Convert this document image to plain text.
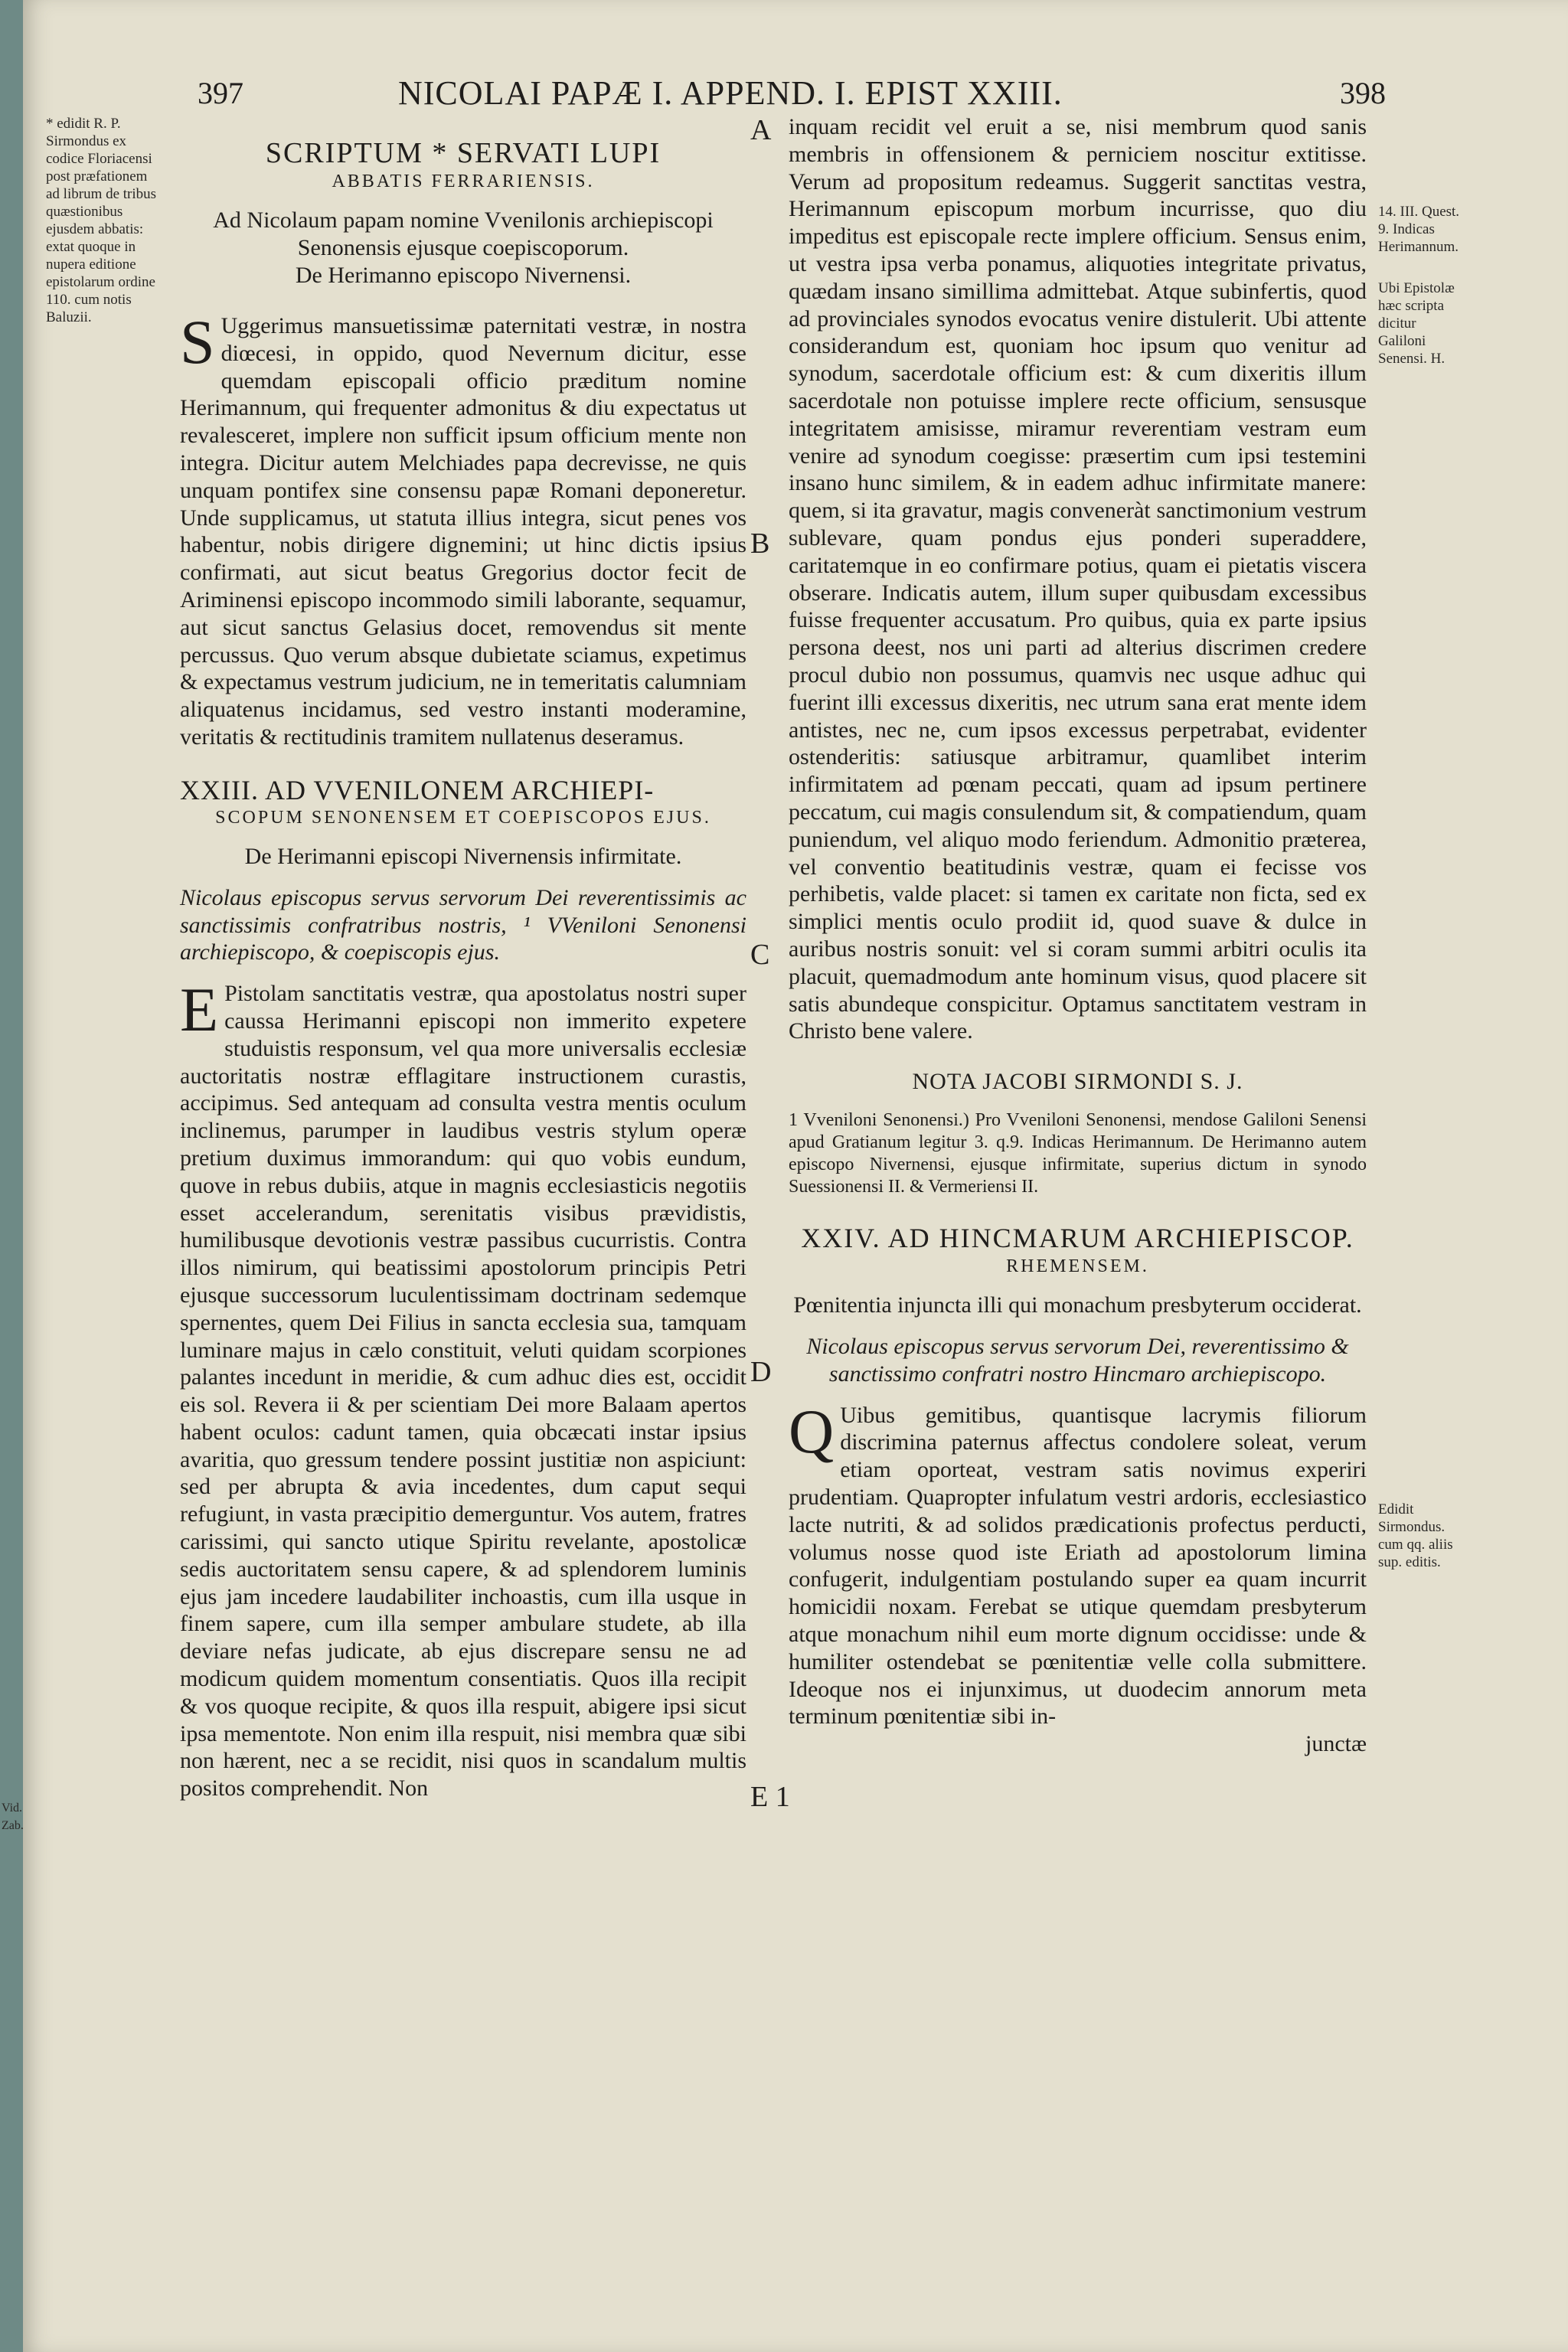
397	NICOLAI PAPÆ I. APPEND. I. EPIST XXIII.	398
* edidit R. P. Sirmondus ex codice Floriacensi post præfationem ad librum de tribus quæstionibus ejusdem abbatis: extat quoque in nupera editione epistolarum ordine 110. cum notis Baluzii.
Vid. Zab.
14. III. Quest. 9. Indicas Herimannum.
Ubi Epistolæ hæc scripta dicitur Galiloni Senensi. H.
Edidit Sirmondus. cum qq. aliis sup. editis.
A
B
C
D
E 1
SCRIPTUM * SERVATI LUPI
ABBATIS FERRARIENSIS.
Ad Nicolaum papam nomine Vvenilonis archiepiscopi Senonensis ejusque coepiscoporum.
De Herimanno episcopo Nivernensi.

S Uggerimus mansuetissimæ paternitati vestræ, in nostra diœcesi, in oppido, quod Nevernum dicitur, esse quemdam episcopali officio præditum nomine Herimannum, qui frequenter admonitus & diu expectatus ut revalesceret, implere non sufficit ipsum officium mente non integra. Dicitur autem Melchiades papa decrevisse, ne quis unquam pontifex sine consensu papæ Romani deponeretur. Unde supplicamus, ut statuta illius integra, sicut penes vos habentur, nobis dirigere dignemini; ut hinc dictis ipsius confirmati, aut sicut beatus Gregorius doctor fecit de Ariminensi episcopo incommodo simili laborante, sequamur, aut sicut sanctus Gelasius docet, removendus sit mente percussus. Quo verum absque dubietate sciamus, expetimus & expectamus vestrum judicium, ne in temeritatis calumniam aliquatenus incidamus, sed vestro instanti moderamine, veritatis & rectitudinis tramitem nullatenus deseramus.

XXIII. AD VVENILONEM ARCHIEPI-
SCOPUM SENONENSEM ET COEPISCOPOS EJUS.
De Herimanni episcopi Nivernensis infirmitate.

Nicolaus episcopus servus servorum Dei reverentissimis ac sanctissimis confratribus nostris, ¹ VVeniloni Senonensi archiepiscopo, & coepiscopis ejus.

E Pistolam sanctitatis vestræ, qua apostolatus nostri super caussa Herimanni episcopi non immerito expetere studuistis responsum, vel qua more universalis ecclesiæ auctoritatis nostræ efflagitare instructionem curastis, accipimus. Sed antequam ad consulta vestra mentis oculum inclinemus, parumper in laudibus vestris stylum operæ pretium duximus immorandum: qui quo vobis eundum, quove in rebus dubiis, atque in magnis ecclesiasticis negotiis esset accelerandum, serenitatis visibus prævidistis, humilibusque devotionis vestræ passibus cucurristis. Contra illos nimirum, qui beatissimi apostolorum principis Petri ejusque successorum luculentissimam doctrinam sedemque spernentes, quem Dei Filius in sancta ecclesia sua, tamquam luminare majus in cælo constituit, veluti quidam scorpiones palantes incedunt in meridie, & cum adhuc dies est, occidit eis sol. Revera ii & per scientiam Dei more Balaam apertos habent oculos: cadunt tamen, quia obcæcati instar ipsius avaritia, quo gressum tendere possint justitiæ non aspiciunt: sed per abrupta & avia incedentes, dum caput sequi refugiunt, in vasta præcipitio demerguntur. Vos autem, fratres carissimi, qui sancto utique Spiritu revelante, apostolicæ sedis auctoritatem sensu capere, & ad splendorem luminis ejus jam incedere laudabiliter inchoastis, cum illa usque in finem sapere, cum illa semper ambulare studete, ab illa deviare nefas judicate, ab ejus discrepare sensu ne ad modicum quidem momentum consentiatis. Quos illa recipit & vos quoque recipite, & quos illa respuit, abigere ipsi sicut ipsa mementote. Non enim illa respuit, nisi membra quæ sibi non hærent, nec a se recidit, nisi quos in scandalum multis positos comprehendit. Non

inquam recidit vel eruit a se, nisi membrum quod sanis membris in offensionem & perniciem noscitur extitisse. Verum ad propositum redeamus. Suggerit sanctitas vestra, Herimannum episcopum morbum incurrisse, quo diu impeditus est episcopale recte implere officium. Sensus enim, ut vestra ipsa verba ponamus, aliquoties integritate privatus, quædam insano simillima admittebat. Atque subinfertis, quod ad provinciales synodos evocatus venire distulerit. Ubi attente considerandum est, quoniam hoc ipsum quo venitur ad synodum, sacerdotale officium est: & cum dixeritis illum sacerdotale non potuisse implere recte officium, sensusque integritatem amisisse, miramur reverentiam vestram eum venire ad synodum coegisse: præsertim cum ipsi testemini insano hunc similem, & in eadem adhuc infirmitate manere: quem, si ita gravatur, magis conveneràt sanctimonium vestrum sublevare, quam pondus ejus ponderi superaddere, caritatemque in eo confirmare potius, quam ei pietatis viscera obserare. Indicatis autem, illum super quibusdam excessibus fuisse frequenter accusatum. Pro quibus, quia ex parte ipsius persona deest, nos uni parti ad alterius discrimen credere procul dubio non possumus, quamvis nec usque adhuc qui fuerint illi excessus dixeritis, nec utrum sana erat mente idem antistes, nec ne, cum ipsos excessus perpetrabat, evidenter ostenderitis: satiusque arbitramur, quamlibet interim infirmitatem ad pœnam peccati, quam ad ipsum pertinere peccatum, cui magis consulendum sit, & compatiendum, quam puniendum, vel aliquo modo feriendum. Admonitio præterea, vel conventio beatitudinis vestræ, quam ei fecisse vos perhibetis, valde placet: si tamen ex caritate non ficta, sed ex simplici mentis oculo prodiit id, quod suave & dulce in auribus nostris sonuit: vel si coram summi arbitri oculis ita placuit, quemadmodum ante hominum visus, quod placere sit satis abundeque conspicitur. Optamus sanctitatem vestram in Christo bene valere.

NOTA JACOBI SIRMONDI S. J.

1 Vveniloni Senonensi.) Pro Vveniloni Senonensi, mendose Galiloni Senensi apud Gratianum legitur 3. q.9. Indicas Herimannum. De Herimanno autem episcopo Nivernensi, ejusque infirmitate, superius dictum in synodo Suessionensi II. & Vermeriensi II.

XXIV. AD HINCMARUM ARCHIEPISCOP.
RHEMENSEM.
Pœnitentia injuncta illi qui monachum presbyterum occiderat.

Nicolaus episcopus servus servorum Dei, reverentissimo & sanctissimo confratri nostro Hincmaro archiepiscopo.

Q Uibus gemitibus, quantisque lacrymis filiorum discrimina paternus affectus condolere soleat, verum etiam oporteat, vestram satis novimus experiri prudentiam. Quapropter infulatum vestri ardoris, ecclesiastico lacte nutriti, & ad solidos prædicationis profectus perducti, volumus nosse quod iste Eriath ad apostolorum limina confugerit, indulgentiam postulando super ea quam incurrit homicidii noxam. Ferebat se utique quemdam presbyterum atque monachum nihil eum morte dignum occidisse: unde & humiliter ostendebat se pœnitentiæ velle colla submittere. Ideoque nos ei injunximus, ut duodecim annorum meta terminum pœnitentiæ sibi in-

junctæ
